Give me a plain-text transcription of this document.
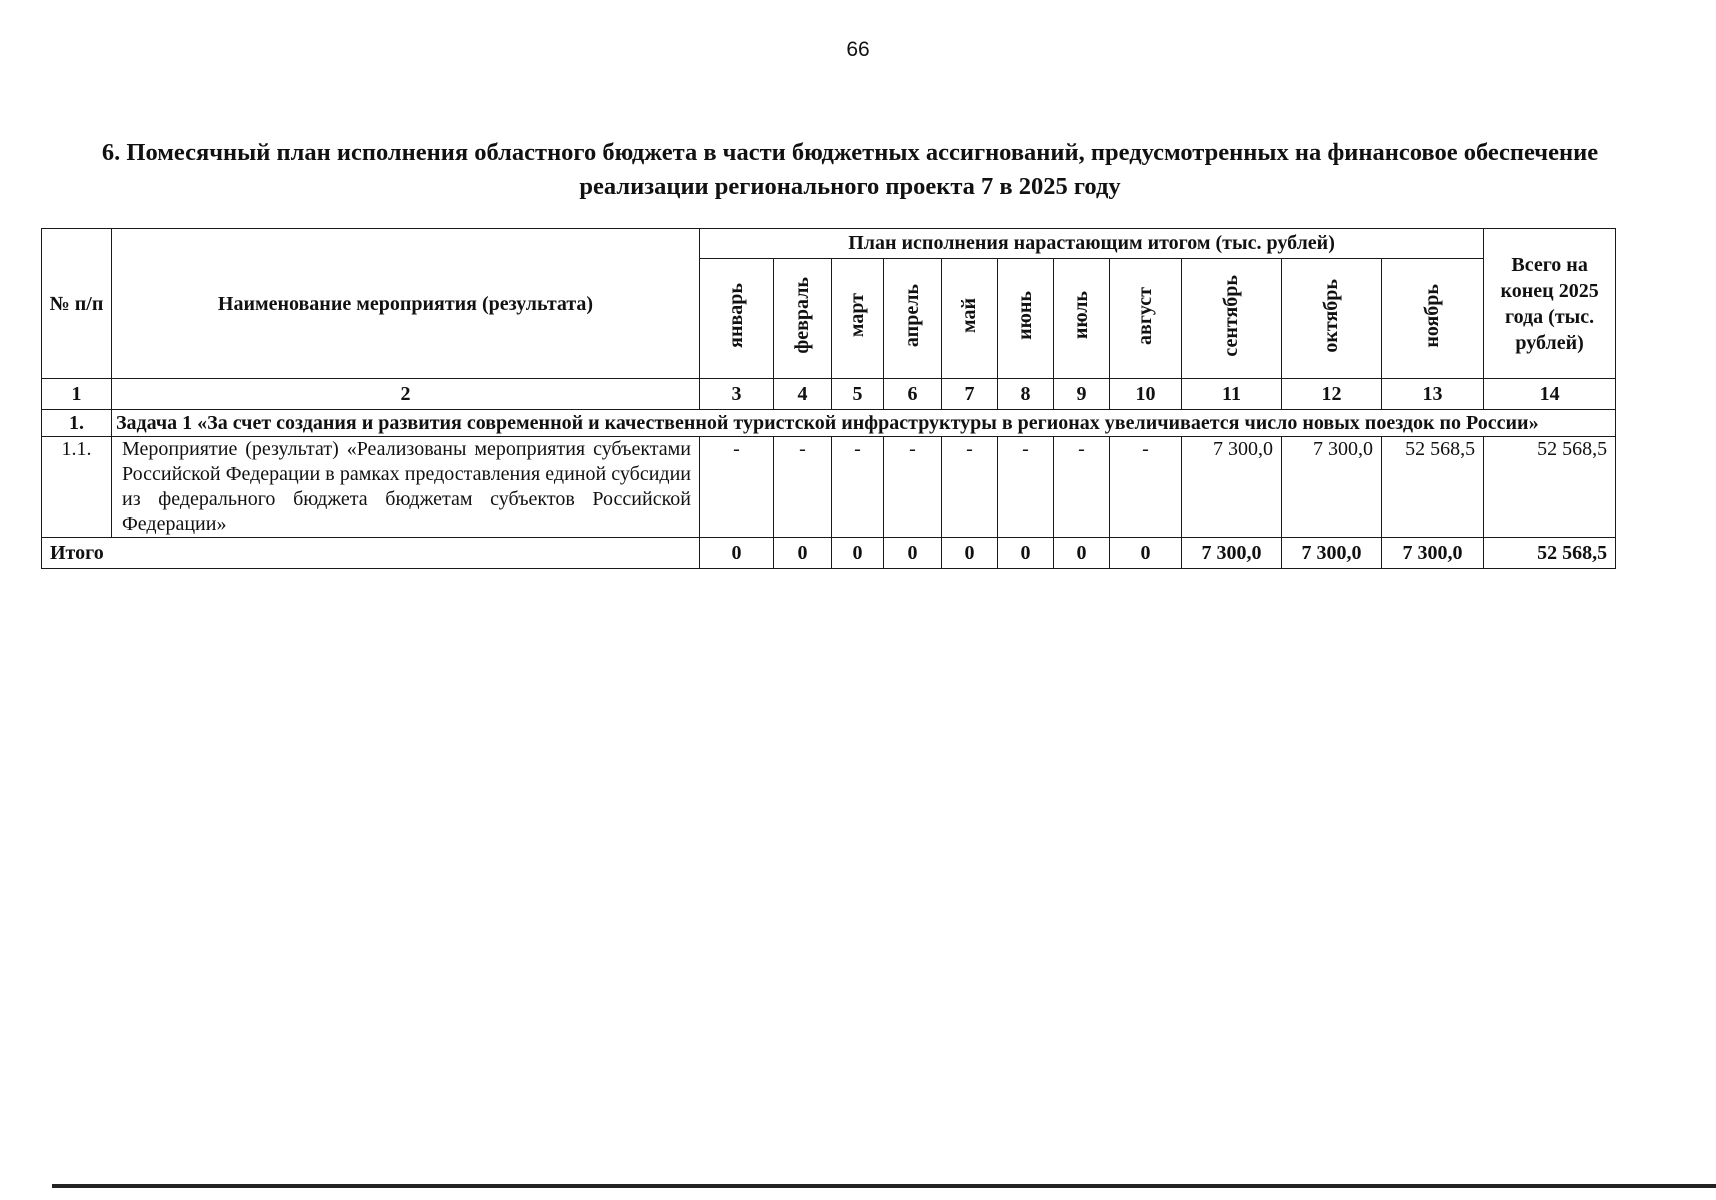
66
6. Помесячный план исполнения областного бюджета в части бюджетных ассигнований, предусмотренных на финансовое обеспечение реализации регионального проекта 7 в 2025 году
№ п/п	Наименование мероприятия (результата)	План исполнения нарастающим итогом (тыс. рублей)											Всего на конец 2025 года (тыс. рублей)
		январь	февраль	март	апрель	май	июнь	июль	август	сентябрь	октябрь	ноябрь	
1	2	3	4	5	6	7	8	9	10	11	12	13	14
1.	Задача 1 «За счет создания и развития современной и качественной туристской инфраструктуры в регионах увеличивается число новых поездок по России»												
1.1.	Мероприятие (результат) «Реализованы мероприятия субъектами Российской Федерации в рамках предоставления единой субсидии из федерального бюджета бюджетам субъектов Российской Федерации»	-	-	-	-	-	-	-	-	7 300,0	7 300,0	52 568,5	52 568,5
Итого		0	0	0	0	0	0	0	0	7 300,0	7 300,0	7 300,0	52 568,5
